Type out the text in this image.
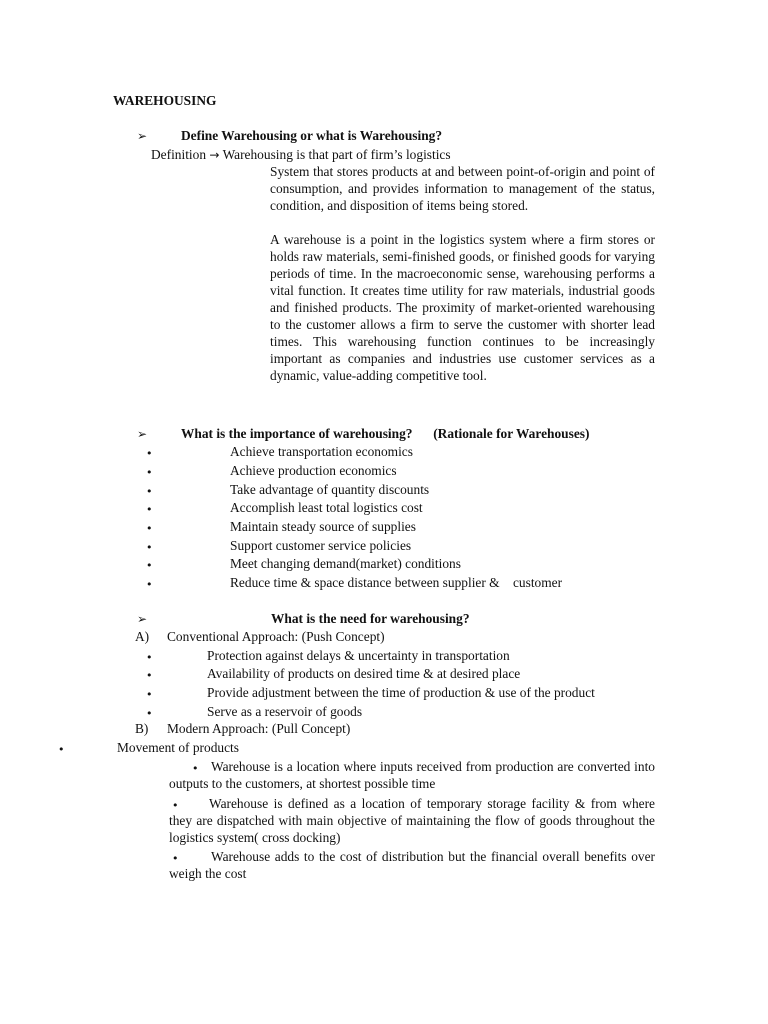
WAREHOUSING
➢	Define Warehousing or what is Warehousing?
Definition → Warehousing is that part of firm’s logistics
System that stores products at and between point-of-origin and point of consumption, and provides information to management of the status, condition, and disposition of items being stored.
A warehouse is a point in the logistics system where a firm stores or holds raw materials, semi-finished goods, or finished goods for varying periods of time. In the macroeconomic sense, warehousing performs a vital function. It creates time utility for raw materials, industrial goods and finished products. The proximity of market-oriented warehousing to the customer allows a firm to serve the customer with shorter lead times. This warehousing function continues to be increasingly important as companies and industries use customer services as a dynamic, value-adding competitive tool.
➢	What is the importance of warehousing? (Rationale for Warehouses)
•	Achieve transportation economics
•	Achieve production economics
•	Take advantage of quantity discounts
•	Accomplish least total logistics cost
•	Maintain steady source of supplies
•	Support customer service policies
•	Meet changing demand(market) conditions
•	Reduce time & space distance between supplier &    customer
➢	What is the need for warehousing?
A) Conventional Approach: (Push Concept)
•	Protection against delays & uncertainty in transportation
•	Availability of products on desired time & at desired place
•	Provide adjustment between the time of production & use of the product
•	Serve as a reservoir of goods
B) Modern Approach: (Pull Concept)
•	Movement of products
• Warehouse is a location where inputs received from production are converted into outputs to the customers, at shortest possible time
•	Warehouse is defined as a location of temporary storage facility & from where they are dispatched with main objective of maintaining the flow of goods throughout the logistics system( cross docking)
•	Warehouse adds to the cost of distribution but the financial overall benefits over weigh the cost
